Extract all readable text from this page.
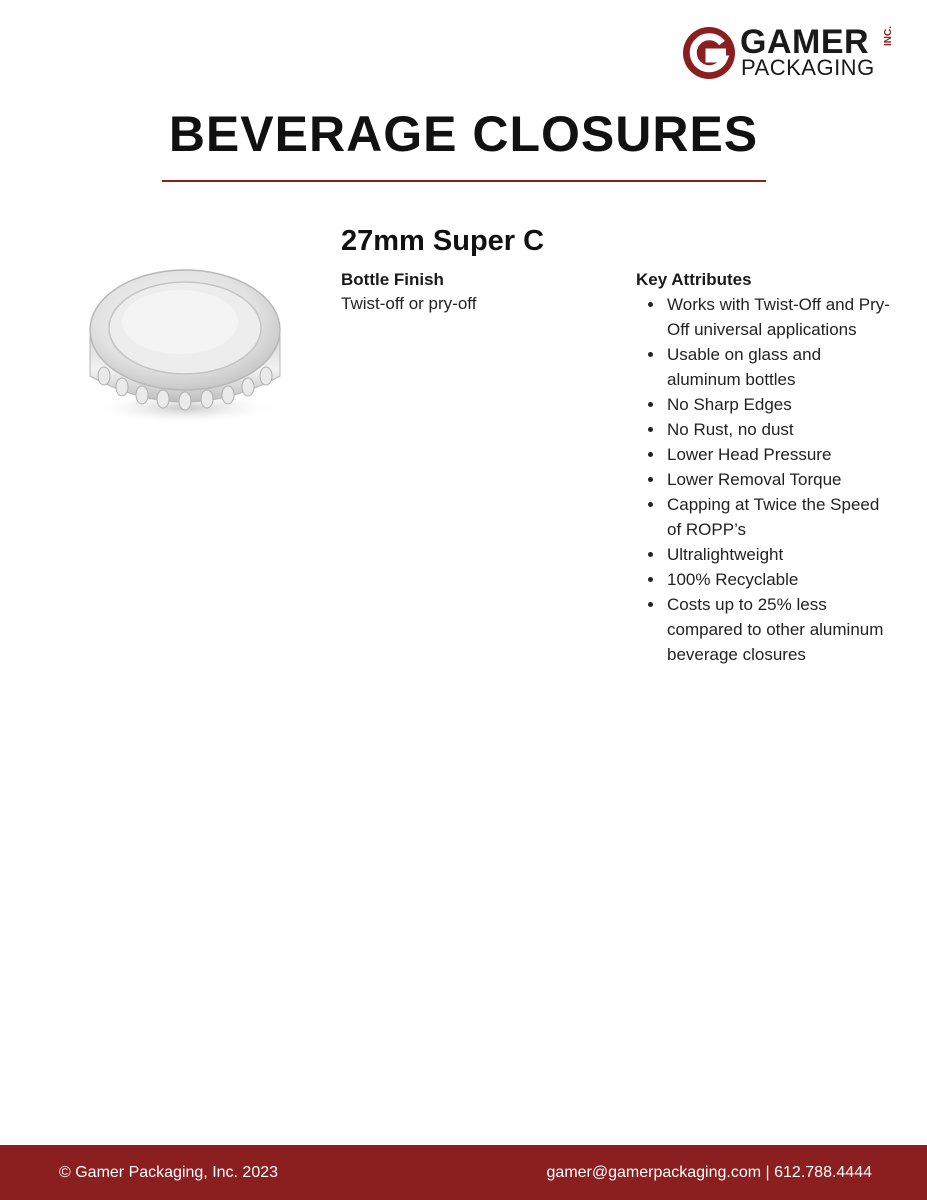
GAMER INC.
PACKAGING
BEVERAGE CLOSURES
27mm Super C
Bottle Finish
Twist-off or pry-off
Key Attributes
Works with Twist-Off and Pry-Off universal applications
Usable on glass and aluminum bottles
No Sharp Edges
No Rust, no dust
Lower Head Pressure
Lower Removal Torque
Capping at Twice the Speed of ROPP’s
Ultralightweight
100% Recyclable
Costs up to 25% less compared to other aluminum beverage closures
© Gamer Packaging, Inc. 2023	gamer@gamerpackaging.com | 612.788.4444
